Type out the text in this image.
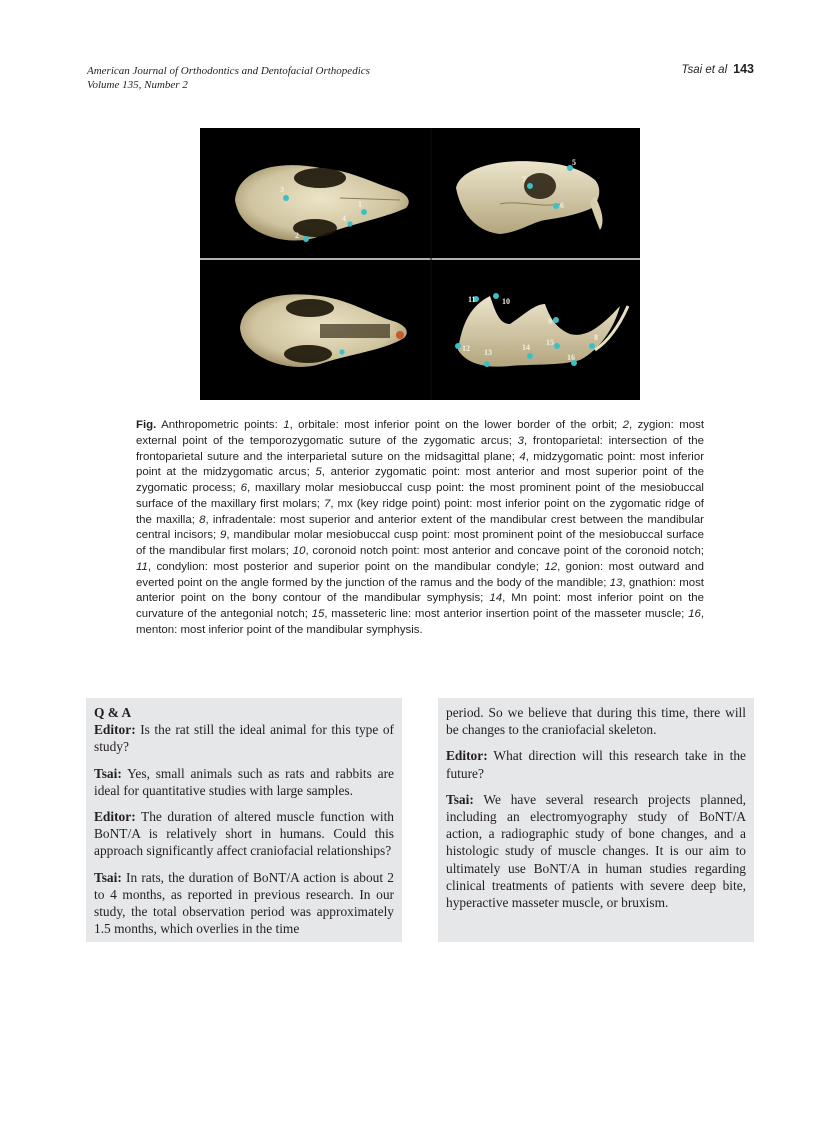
American Journal of Orthodontics and Dentofacial Orthopedics
Volume 135, Number 2
Tsai et al 143
1
2
3
4
5
6
7
8
9
10
11
12 13
14
15
16
Fig. Anthropometric points: 1, orbitale: most inferior point on the lower border of the orbit; 2, zygion: most external point of the temporozygomatic suture of the zygomatic arcus; 3, frontoparietal: intersection of the frontoparietal suture and the interparietal suture on the midsagittal plane; 4, midzygomatic point: most inferior point at the midzygomatic arcus; 5, anterior zygomatic point: most anterior and most superior point of the zygomatic process; 6, maxillary molar mesiobuccal cusp point: the most prominent point of the mesiobuccal surface of the maxillary first molars; 7, mx (key ridge point) point: most inferior point on the zygomatic ridge of the maxilla; 8, infradentale: most superior and anterior extent of the mandibular crest between the mandibular central incisors; 9, mandibular molar mesiobuccal cusp point: most prominent point of the mesiobuccal surface of the mandibular first molars; 10, coronoid notch point: most anterior and concave point of the coronoid notch; 11, condylion: most posterior and superior point on the mandibular condyle; 12, gonion: most outward and everted point on the angle formed by the junction of the ramus and the body of the mandible; 13, gnathion: most anterior point on the bony contour of the mandibular symphysis; 14, Mn point: most inferior point on the curvature of the antegonial notch; 15, masseteric line: most anterior insertion point of the masseter muscle; 16, menton: most inferior point of the mandibular symphysis.
Q & A

Editor: Is the rat still the ideal animal for this type of study?

Tsai: Yes, small animals such as rats and rabbits are ideal for quantitative studies with large samples.

Editor: The duration of altered muscle function with BoNT/A is relatively short in humans. Could this approach significantly affect craniofacial relationships?

Tsai: In rats, the duration of BoNT/A action is about 2 to 4 months, as reported in previous research. In our study, the total observation period was approximately 1.5 months, which overlies in the time

period. So we believe that during this time, there will be changes to the craniofacial skeleton.

Editor: What direction will this research take in the future?

Tsai: We have several research projects planned, including an electromyography study of BoNT/A action, a radiographic study of bone changes, and a histologic study of muscle changes. It is our aim to ultimately use BoNT/A in human studies regarding clinical treatments of patients with severe deep bite, hyperactive masseter muscle, or bruxism.
